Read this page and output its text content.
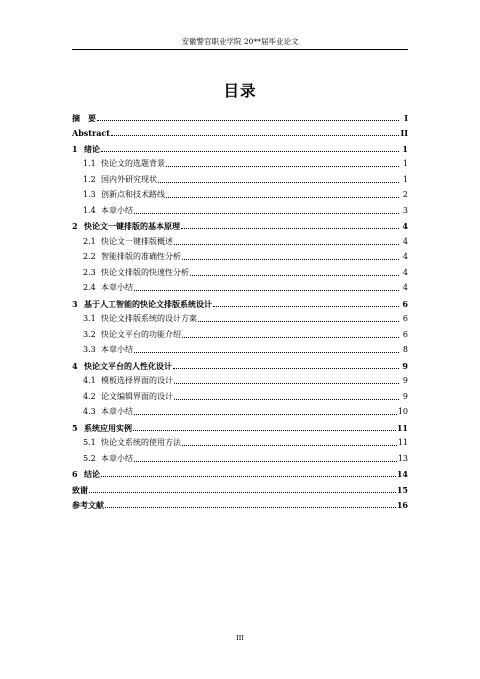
安徽警官职业学院 20**届毕业论文
目录
摘　要	I
Abstract	II
1 绪论	1
1.1 快论文的选题背景	1
1.2 国内外研究现状	1
1.3 创新点和技术路线	2
1.4 本章小结	3
2 快论文一键排版的基本原理	4
2.1 快论文一键排版概述	4
2.2 智能排版的准确性分析	4
2.3 快论文排版的快速性分析	4
2.4 本章小结	4
3 基于人工智能的快论文排版系统设计	6
3.1 快论文排版系统的设计方案	6
3.2 快论文平台的功能介绍	6
3.3 本章小结	8
4 快论文平台的人性化设计	9
4.1 模板选择界面的设计	9
4.2 论文编辑界面的设计	9
4.3 本章小结	10
5 系统应用实例	11
5.1 快论文系统的使用方法	11
5.2 本章小结	13
6 结论	14
致谢	15
参考文献	16
III
